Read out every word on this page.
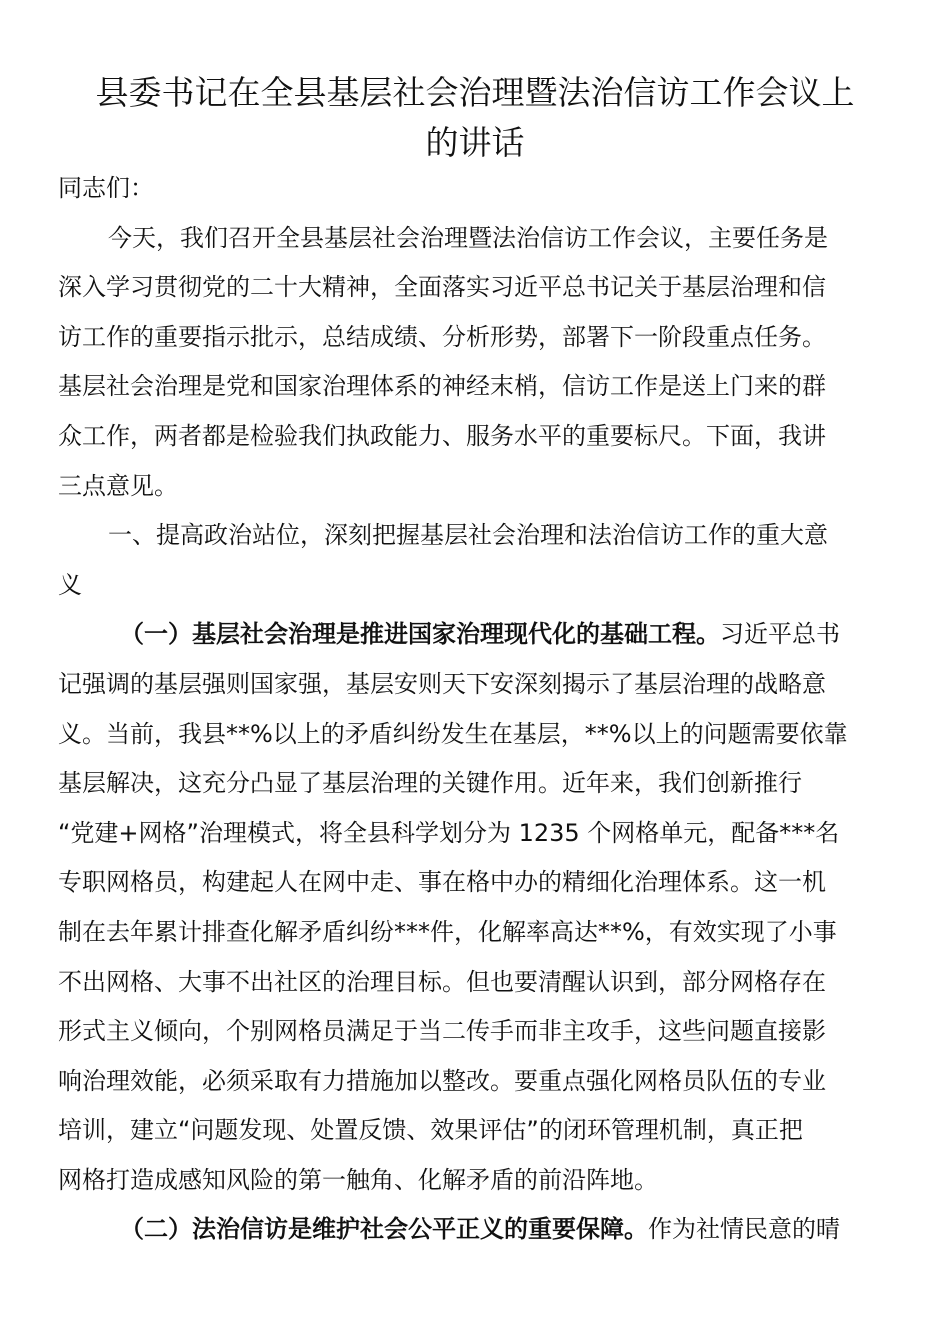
县委书记在全县基层社会治理暨法治信访工作会议上
的讲话
同志们：
今天，我们召开全县基层社会治理暨法治信访工作会议，主要任务是
深入学习贯彻党的二十大精神，全面落实习近平总书记关于基层治理和信
访工作的重要指示批示，总结成绩、分析形势，部署下一阶段重点任务。
基层社会治理是党和国家治理体系的神经末梢，信访工作是送上门来的群
众工作，两者都是检验我们执政能力、服务水平的重要标尺。下面，我讲
三点意见。
一、提高政治站位，深刻把握基层社会治理和法治信访工作的重大意
义
（一）基层社会治理是推进国家治理现代化的基础工程。习近平总书
记强调的基层强则国家强，基层安则天下安深刻揭示了基层治理的战略意
义。当前，我县**%以上的矛盾纠纷发生在基层，**%以上的问题需要依靠
基层解决，这充分凸显了基层治理的关键作用。近年来，我们创新推行
“党建+网格”治理模式，将全县科学划分为 1235 个网格单元，配备***名
专职网格员，构建起人在网中走、事在格中办的精细化治理体系。这一机
制在去年累计排查化解矛盾纠纷***件，化解率高达**%，有效实现了小事
不出网格、大事不出社区的治理目标。但也要清醒认识到，部分网格存在
形式主义倾向，个别网格员满足于当二传手而非主攻手，这些问题直接影
响治理效能，必须采取有力措施加以整改。要重点强化网格员队伍的专业
培训，建立“问题发现、处置反馈、效果评估”的闭环管理机制，真正把
网格打造成感知风险的第一触角、化解矛盾的前沿阵地。
（二）法治信访是维护社会公平正义的重要保障。作为社情民意的晴
